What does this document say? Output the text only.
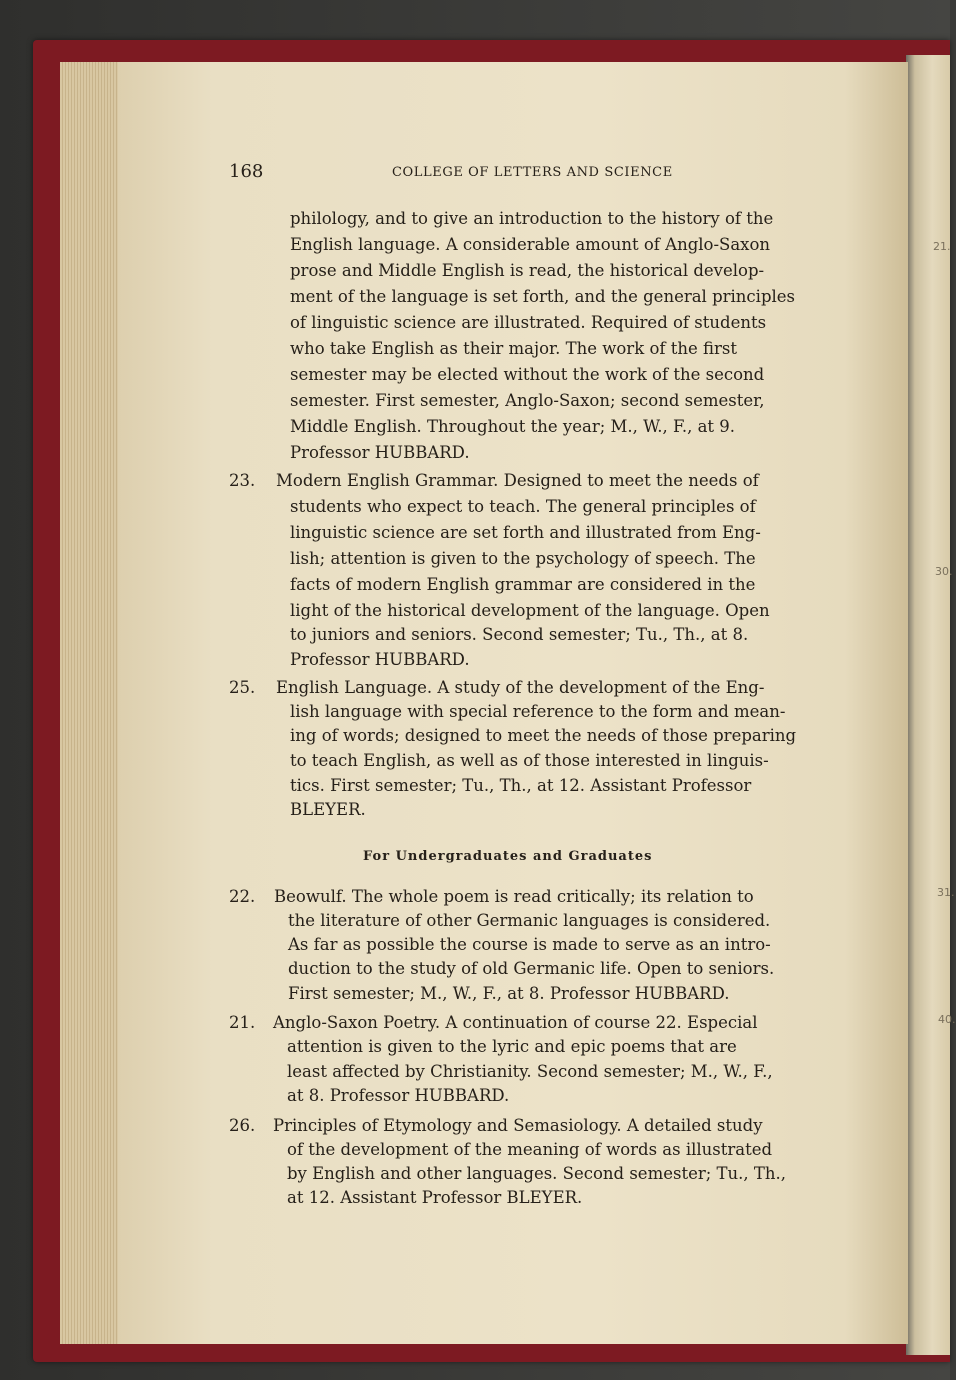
21.
30.
31.
40.
168	COLLEGE OF LETTERS AND SCIENCE
philology, and to give an introduction to the history of the
English language. A considerable amount of Anglo-Saxon
prose and Middle English is read, the historical develop-
ment of the language is set forth, and the general principles
of linguistic science are illustrated. Required of students
who take English as their major. The work of the first
semester may be elected without the work of the second
semester. First semester, Anglo-Saxon; second semester,
Middle English. Throughout the year; M., W., F., at 9.
Professor HUBBARD.
23. Modern English Grammar. Designed to meet the needs of
students who expect to teach. The general principles of
linguistic science are set forth and illustrated from Eng-
lish; attention is given to the psychology of speech. The
facts of modern English grammar are considered in the
light of the historical development of the language. Open
to juniors and seniors. Second semester; Tu., Th., at 8.
Professor HUBBARD.
25. English Language. A study of the development of the Eng-
lish language with special reference to the form and mean-
ing of words; designed to meet the needs of those preparing
to teach English, as well as of those interested in linguis-
tics. First semester; Tu., Th., at 12. Assistant Professor
BLEYER.
For Undergraduates and Graduates
22. Beowulf. The whole poem is read critically; its relation to
the literature of other Germanic languages is considered.
As far as possible the course is made to serve as an intro-
duction to the study of old Germanic life. Open to seniors.
First semester; M., W., F., at 8. Professor HUBBARD.
21. Anglo-Saxon Poetry. A continuation of course 22. Especial
attention is given to the lyric and epic poems that are
least affected by Christianity. Second semester; M., W., F.,
at 8. Professor HUBBARD.
26. Principles of Etymology and Semasiology. A detailed study
of the development of the meaning of words as illustrated
by English and other languages. Second semester; Tu., Th.,
at 12. Assistant Professor BLEYER.
